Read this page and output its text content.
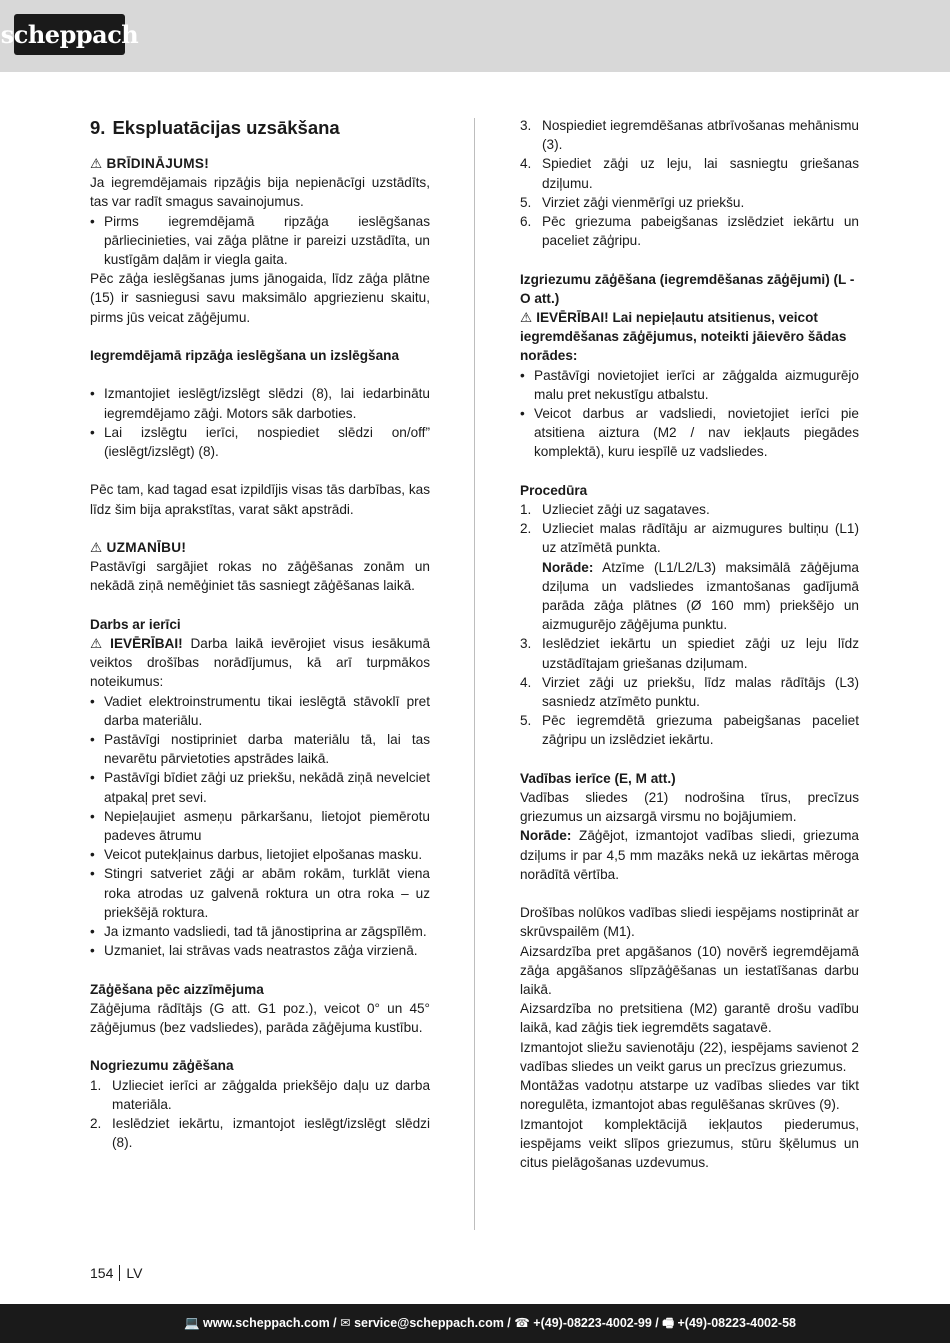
scheppach
9. Ekspluatācijas uzsākšana

⚠ BRĪDINĀJUMS!

Ja iegremdējamais ripzāģis bija nepienācīgi uzstādīts, tas var radīt smagus savainojumus.

• Pirms iegremdējamā ripzāģa ieslēgšanas pārliecinieties, vai zāģa plātne ir pareizi uzstādīta, un kustīgām daļām ir viegla gaita.

Pēc zāģa ieslēgšanas jums jānogaida, līdz zāģa plātne (15) ir sasniegusi savu maksimālo apgriezienu skaitu, pirms jūs veicat zāģējumu.

Iegremdējamā ripzāģa ieslēgšana un izslēgšana

• Izmantojiet ieslēgt/izslēgt slēdzi (8), lai iedarbinātu iegremdējamo zāģi. Motors sāk darboties.
• Lai izslēgtu ierīci, nospiediet slēdzi on/off” (ieslēgt/izslēgt) (8).

Pēc tam, kad tagad esat izpildījis visas tās darbības, kas līdz šim bija aprakstītas, varat sākt apstrādi.

⚠ UZMANĪBU!

Pastāvīgi sargājiet rokas no zāģēšanas zonām un nekādā ziņā nemēģiniet tās sasniegt zāģēšanas laikā.

Darbs ar ierīci

⚠ IEVĒRĪBAI! Darba laikā ievērojiet visus iesākumā veiktos drošības norādījumus, kā arī turpmākos noteikumus:

• Vadiet elektroinstrumentu tikai ieslēgtā stāvoklī pret darba materiālu.
• Pastāvīgi nostipriniet darba materiālu tā, lai tas nevarētu pārvietoties apstrādes laikā.
• Pastāvīgi bīdiet zāģi uz priekšu, nekādā ziņā nevelciet atpakaļ pret sevi.
• Nepieļaujiet asmeņu pārkaršanu, lietojot piemērotu padeves ātrumu
• Veicot putekļainus darbus, lietojiet elpošanas masku.
• Stingri satveriet zāģi ar abām rokām, turklāt viena roka atrodas uz galvenā roktura un otra roka – uz priekšējā roktura.
• Ja izmanto vadsliedi, tad tā jānostiprina ar zāgspīlēm.
• Uzmaniet, lai strāvas vads neatrastos zāģa virzienā.

Zāģēšana pēc aizzīmējuma

Zāģējuma rādītājs (G att. G1 poz.), veicot 0° un 45° zāģējumus (bez vadsliedes), parāda zāģējuma kustību.

Nogriezumu zāģēšana

1. Uzlieciet ierīci ar zāģgalda priekšējo daļu uz darba materiāla.
2. Ieslēdziet iekārtu, izmantojot ieslēgt/izslēgt slēdzi (8).
3. Nospiediet iegremdēšanas atbrīvošanas mehānismu (3).
4. Spiediet zāģi uz leju, lai sasniegtu griešanas dziļumu.
5. Virziet zāģi vienmērīgi uz priekšu.
6. Pēc griezuma pabeigšanas izslēdziet iekārtu un paceliet zāģripu.

Izgriezumu zāģēšana (iegremdēšanas zāģējumi) (L - O att.)

⚠ IEVĒRĪBAI! Lai nepieļautu atsitienus, veicot iegremdēšanas zāģējumus, noteikti jāievēro šādas norādes:

• Pastāvīgi novietojiet ierīci ar zāģgalda aizmugurējo malu pret nekustīgu atbalstu.
• Veicot darbus ar vadsliedi, novietojiet ierīci pie atsitiena aiztura (M2 / nav iekļauts piegādes komplektā), kuru iespīlē uz vadsliedes.

Procedūra

1. Uzlieciet zāģi uz sagataves.
2. Uzlieciet malas rādītāju ar aizmugures bultiņu (L1) uz atzīmētā punkta.
Norāde: Atzīme (L1/L2/L3) maksimālā zāģējuma dziļuma un vadsliedes izmantošanas gadījumā parāda zāģa plātnes (Ø 160 mm) priekšējo un aizmugurējo zāģējuma punktu.
3. Ieslēdziet iekārtu un spiediet zāģi uz leju līdz uzstādītajam griešanas dziļumam.
4. Virziet zāģi uz priekšu, līdz malas rādītājs (L3) sasniedz atzīmēto punktu.
5. Pēc iegremdētā griezuma pabeigšanas paceliet zāģripu un izslēdziet iekārtu.

Vadības ierīce (E, M att.)

Vadības sliedes (21) nodrošina tīrus, precīzus griezumus un aizsargā virsmu no bojājumiem.

Norāde: Zāģējot, izmantojot vadības sliedi, griezuma dziļums ir par 4,5 mm mazāks nekā uz iekārtas mēroga norādītā vērtība.

Drošības nolūkos vadības sliedi iespējams nostiprināt ar skrūvspailēm (M1).

Aizsardzība pret apgāšanos (10) novērš iegremdējamā zāģa apgāšanos slīpzāģēšanas un iestatīšanas darbu laikā.

Aizsardzība no pretsitiena (M2) garantē drošu vadību laikā, kad zāģis tiek iegremdēts sagatavē.

Izmantojot sliežu savienotāju (22), iespējams savienot 2 vadības sliedes un veikt garus un precīzus griezumus.

Montāžas vadotņu atstarpe uz vadības sliedes var tikt noregulēta, izmantojot abas regulēšanas skrūves (9).

Izmantojot komplektācijā iekļautos piederumus, iespējams veikt slīpos griezumus, stūru šķēlumus un citus pielāgošanas uzdevumus.

154 LV
💻 www.scheppach.com / ✉ service@scheppach.com / ☎ +(49)-08223-4002-99 / 🖷 +(49)-08223-4002-58
